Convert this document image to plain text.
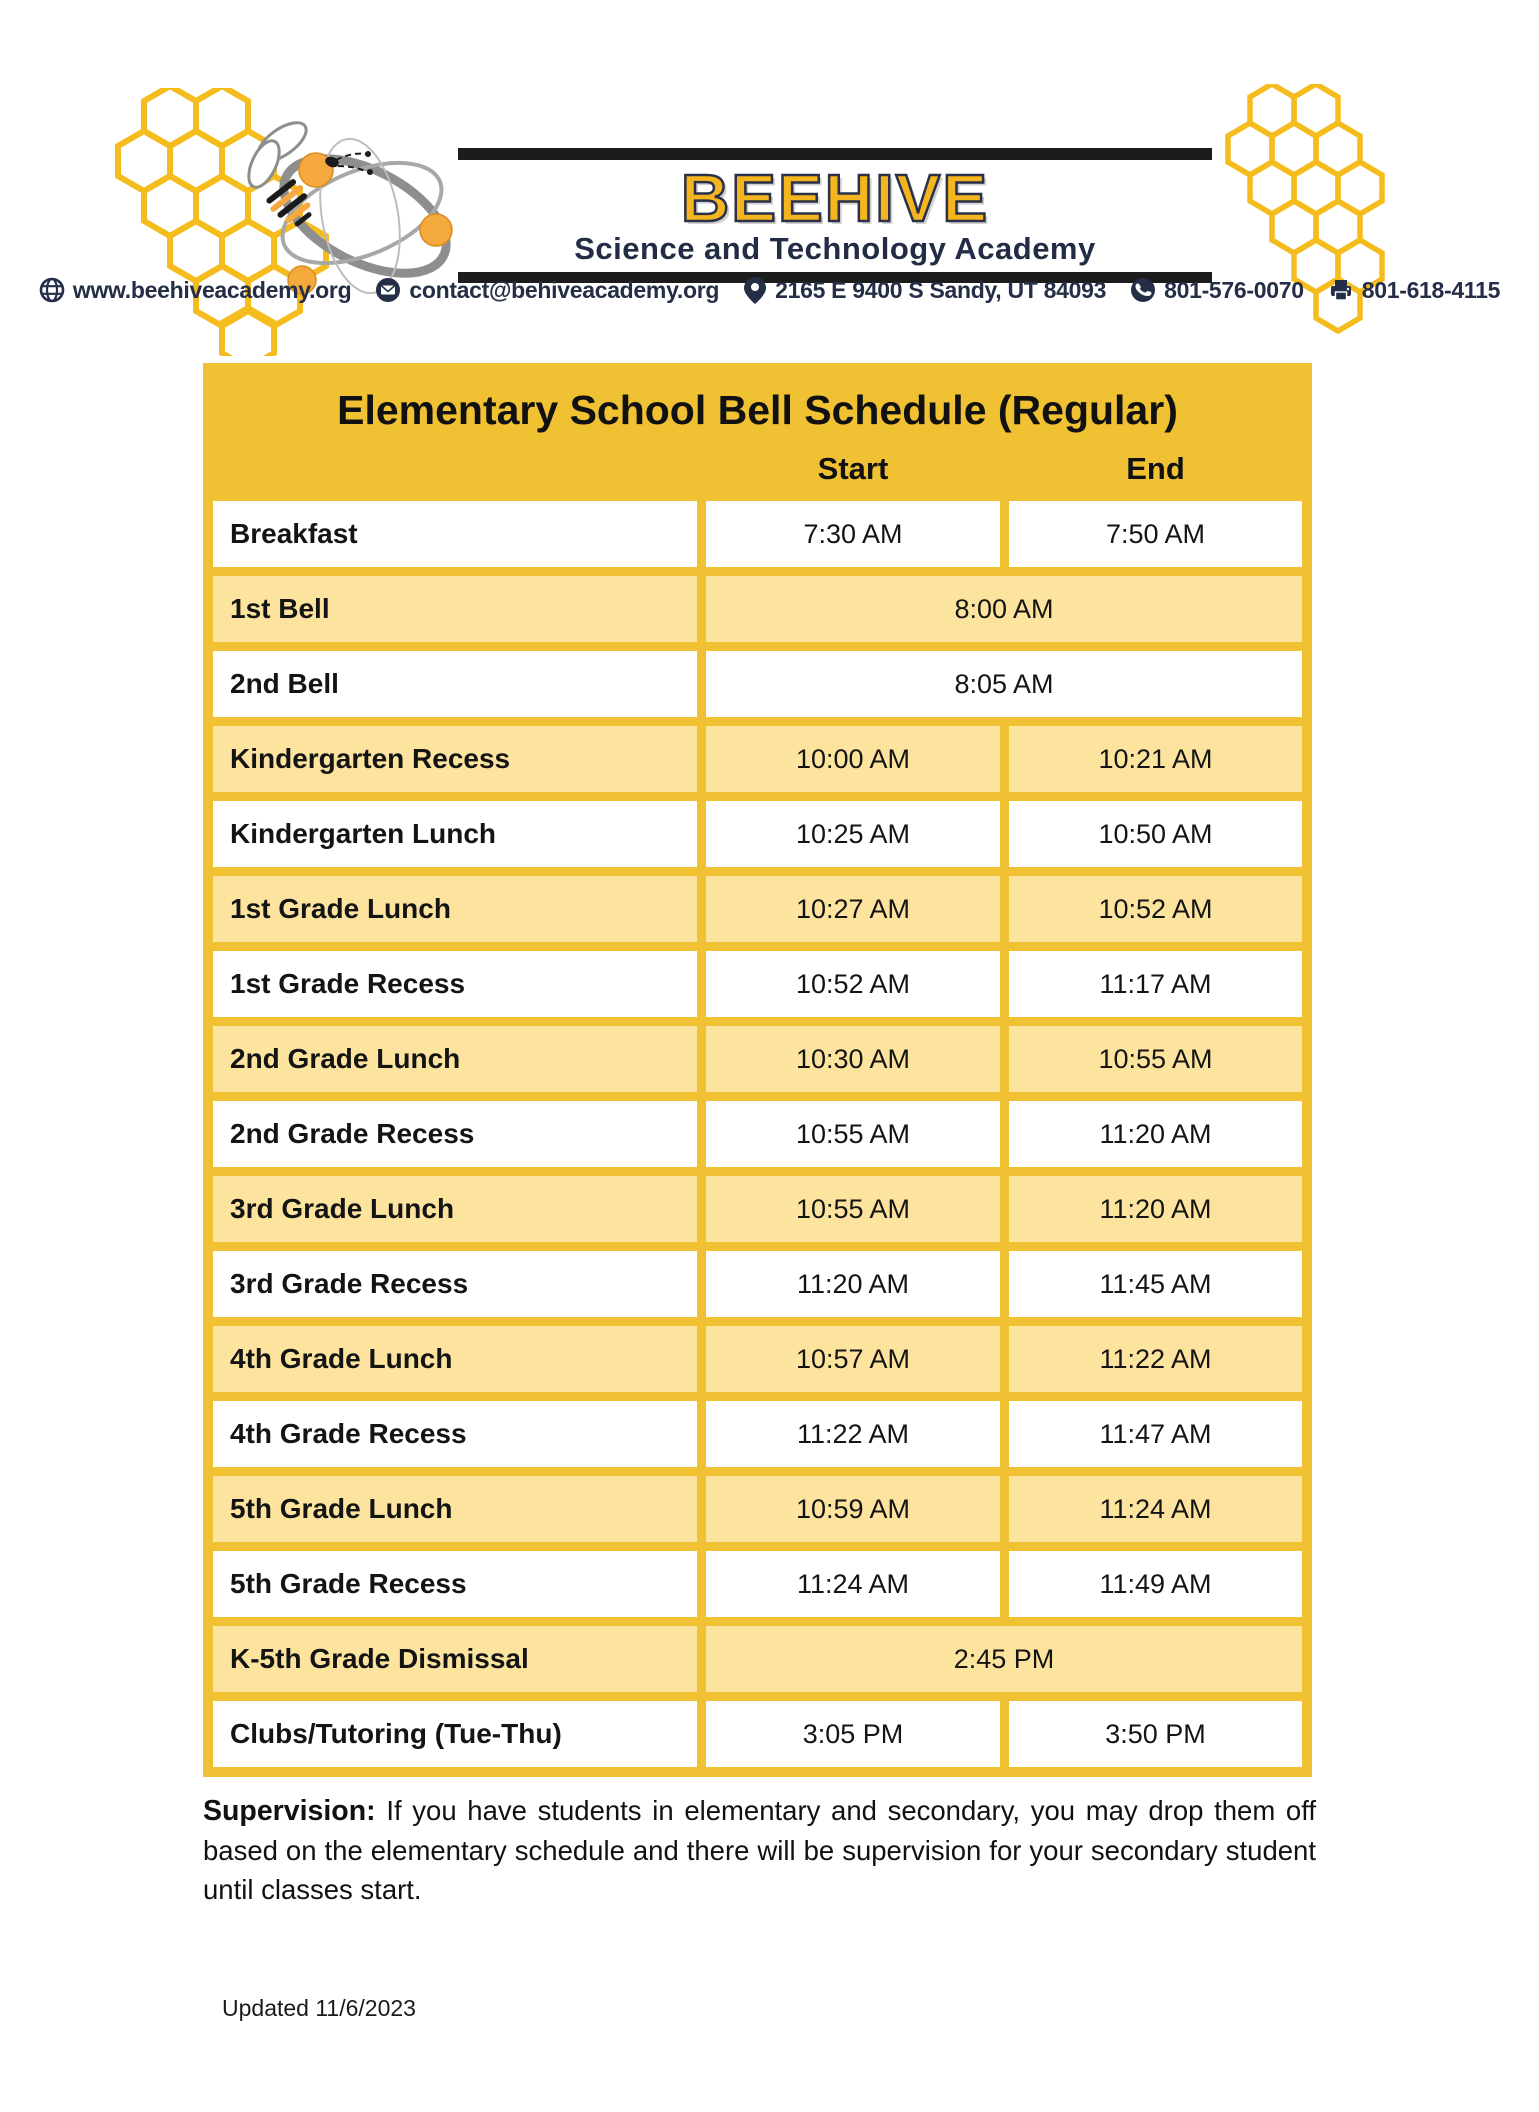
BEEHIVE
Science and Technology Academy
www.beehiveacademy.org	contact@behiveacademy.org 2165 E 9400 S Sandy, UT 84093	801-576-0070	801-618-4115
Elementary School Bell Schedule (Regular)
Start	End
Breakfast	7:30 AM	7:50 AM
1st Bell	8:00 AM
2nd Bell	8:05 AM
Kindergarten Recess	10:00 AM	10:21 AM
Kindergarten Lunch	10:25 AM	10:50 AM
1st Grade Lunch	10:27 AM	10:52 AM
1st Grade Recess	10:52 AM	11:17 AM
2nd Grade Lunch	10:30 AM	10:55 AM
2nd Grade Recess	10:55 AM	11:20 AM
3rd Grade Lunch	10:55 AM	11:20 AM
3rd Grade Recess	11:20 AM	11:45 AM
4th Grade Lunch	10:57 AM	11:22 AM
4th Grade Recess	11:22 AM	11:47 AM
5th Grade Lunch	10:59 AM	11:24 AM
5th Grade Recess	11:24 AM	11:49 AM
K-5th Grade Dismissal	2:45 PM
Clubs/Tutoring (Tue-Thu)	3:05 PM	3:50 PM

Supervision: If you have students in elementary and secondary, you may drop them off based on the elementary schedule and there will be supervision for your secondary student until classes start.

Updated 11/6/2023
